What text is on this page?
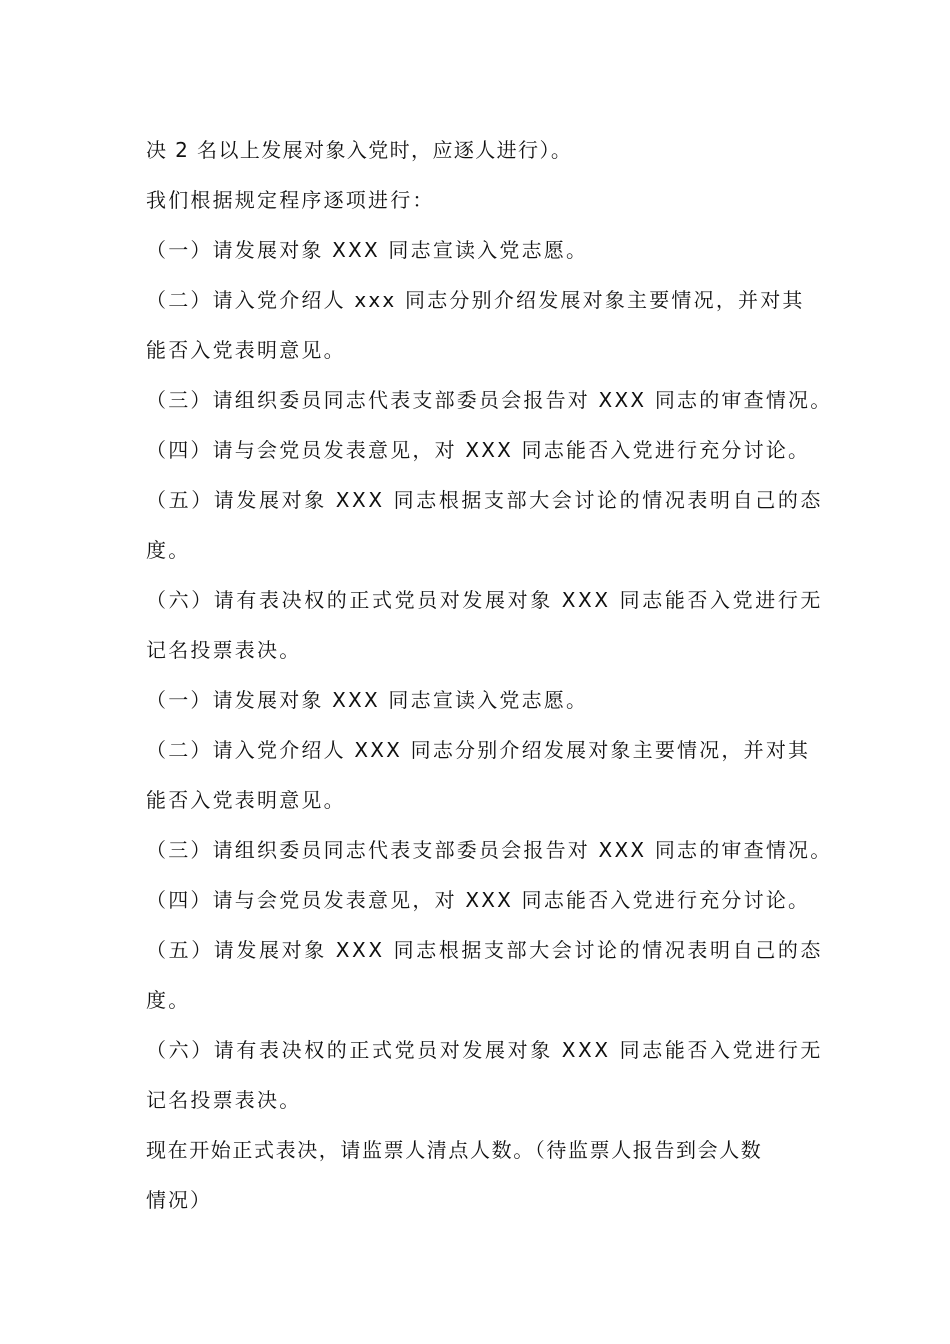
决 2 名以上发展对象入党时，应逐人进行）。
我们根据规定程序逐项进行：
（一）请发展对象 XXX 同志宣读入党志愿。
（二）请入党介绍人 xxx 同志分别介绍发展对象主要情况，并对其
能否入党表明意见。
（三）请组织委员同志代表支部委员会报告对 XXX 同志的审查情况。
（四）请与会党员发表意见，对 XXX 同志能否入党进行充分讨论。
（五）请发展对象 XXX 同志根据支部大会讨论的情况表明自己的态
度。
（六）请有表决权的正式党员对发展对象 XXX 同志能否入党进行无
记名投票表决。
（一）请发展对象 XXX 同志宣读入党志愿。
（二）请入党介绍人 XXX 同志分别介绍发展对象主要情况，并对其
能否入党表明意见。
（三）请组织委员同志代表支部委员会报告对 XXX 同志的审查情况。
（四）请与会党员发表意见，对 XXX 同志能否入党进行充分讨论。
（五）请发展对象 XXX 同志根据支部大会讨论的情况表明自己的态
度。
（六）请有表决权的正式党员对发展对象 XXX 同志能否入党进行无
记名投票表决。
现在开始正式表决，请监票人清点人数。（待监票人报告到会人数
情况）
